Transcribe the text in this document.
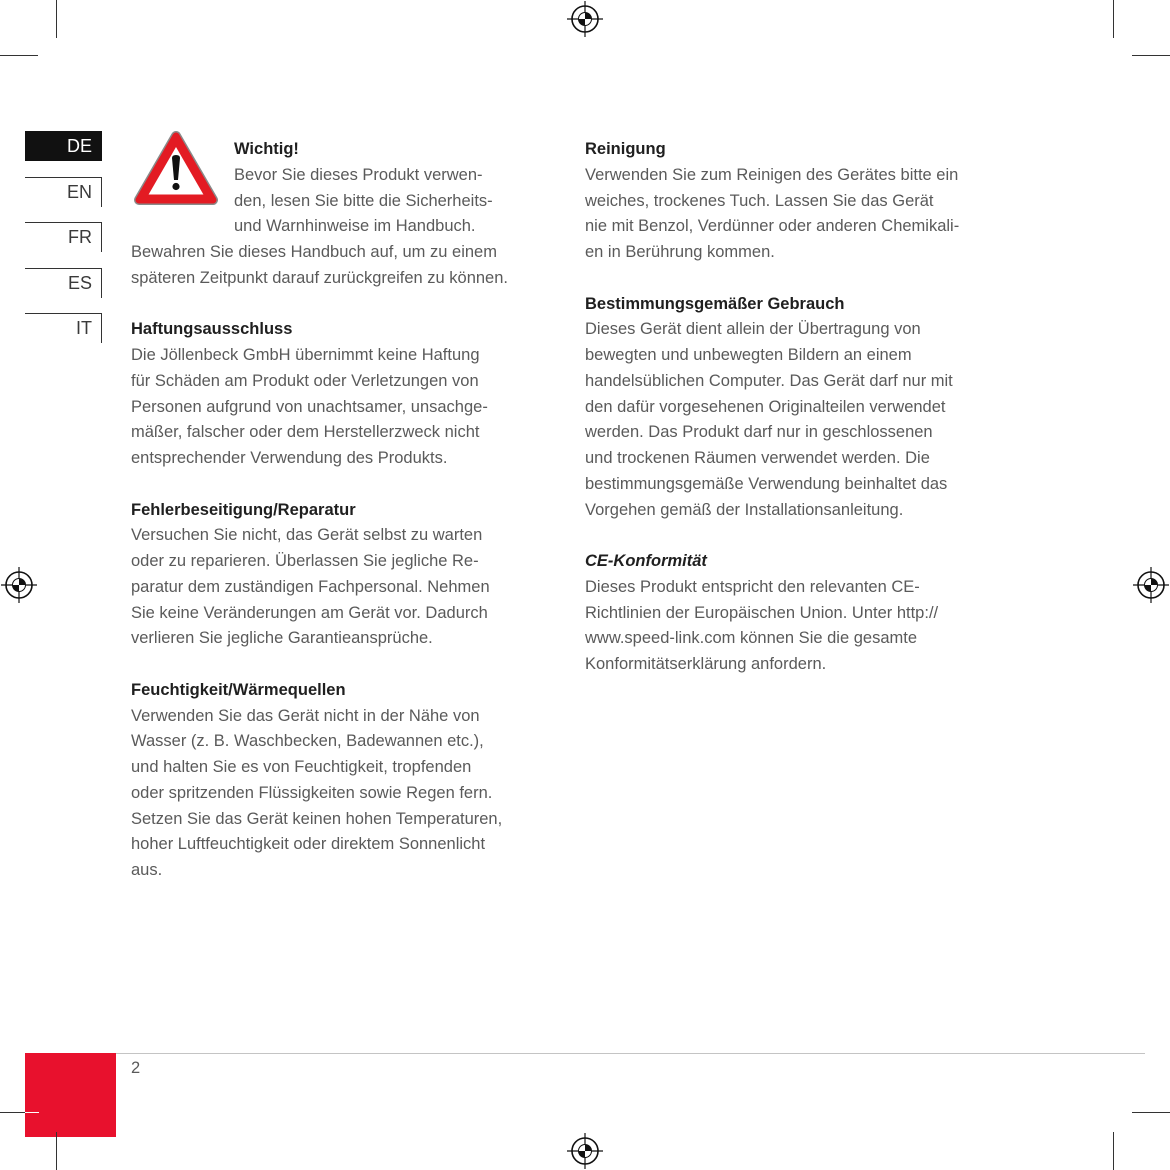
DE
EN
FR
ES
IT
Wichtig!
Bevor Sie dieses Produkt verwen-
den, lesen Sie bitte die Sicherheits-
und Warnhinweise im Handbuch.
Bewahren Sie dieses Handbuch auf, um zu einem
späteren Zeitpunkt darauf zurückgreifen zu können.
Haftungsausschluss
Die Jöllenbeck GmbH übernimmt keine Haftung
für Schäden am Produkt oder Verletzungen von
Personen aufgrund von unachtsamer, unsachge-
mäßer, falscher oder dem Herstellerzweck nicht
entsprechender Verwendung des Produkts.
Fehlerbeseitigung/Reparatur
Versuchen Sie nicht, das Gerät selbst zu warten
oder zu reparieren. Überlassen Sie jegliche Re-
paratur dem zuständigen Fachpersonal. Nehmen
Sie keine Veränderungen am Gerät vor. Dadurch
verlieren Sie jegliche Garantieansprüche.
Feuchtigkeit/Wärmequellen
Verwenden Sie das Gerät nicht in der Nähe von
Wasser (z. B. Waschbecken, Badewannen etc.),
und halten Sie es von Feuchtigkeit, tropfenden
oder spritzenden Flüssigkeiten sowie Regen fern.
Setzen Sie das Gerät keinen hohen Temperaturen,
hoher Luftfeuchtigkeit oder direktem Sonnenlicht
aus.
Reinigung
Verwenden Sie zum Reinigen des Gerätes bitte ein
weiches, trockenes Tuch. Lassen Sie das Gerät
nie mit Benzol, Verdünner oder anderen Chemikali-
en in Berührung kommen.
Bestimmungsgemäßer Gebrauch
Dieses Gerät dient allein der Übertragung von
bewegten und unbewegten Bildern an einem
handelsüblichen Computer. Das Gerät darf nur mit
den dafür vorgesehenen Originalteilen verwendet
werden. Das Produkt darf nur in geschlossenen
und trockenen Räumen verwendet werden. Die
bestimmungsgemäße Verwendung beinhaltet das
Vorgehen gemäß der Installationsanleitung.
CE-Konformität
Dieses Produkt entspricht den relevanten CE-
Richtlinien der Europäischen Union. Unter http://
www.speed-link.com können Sie die gesamte
Konformitätserklärung anfordern.
2
